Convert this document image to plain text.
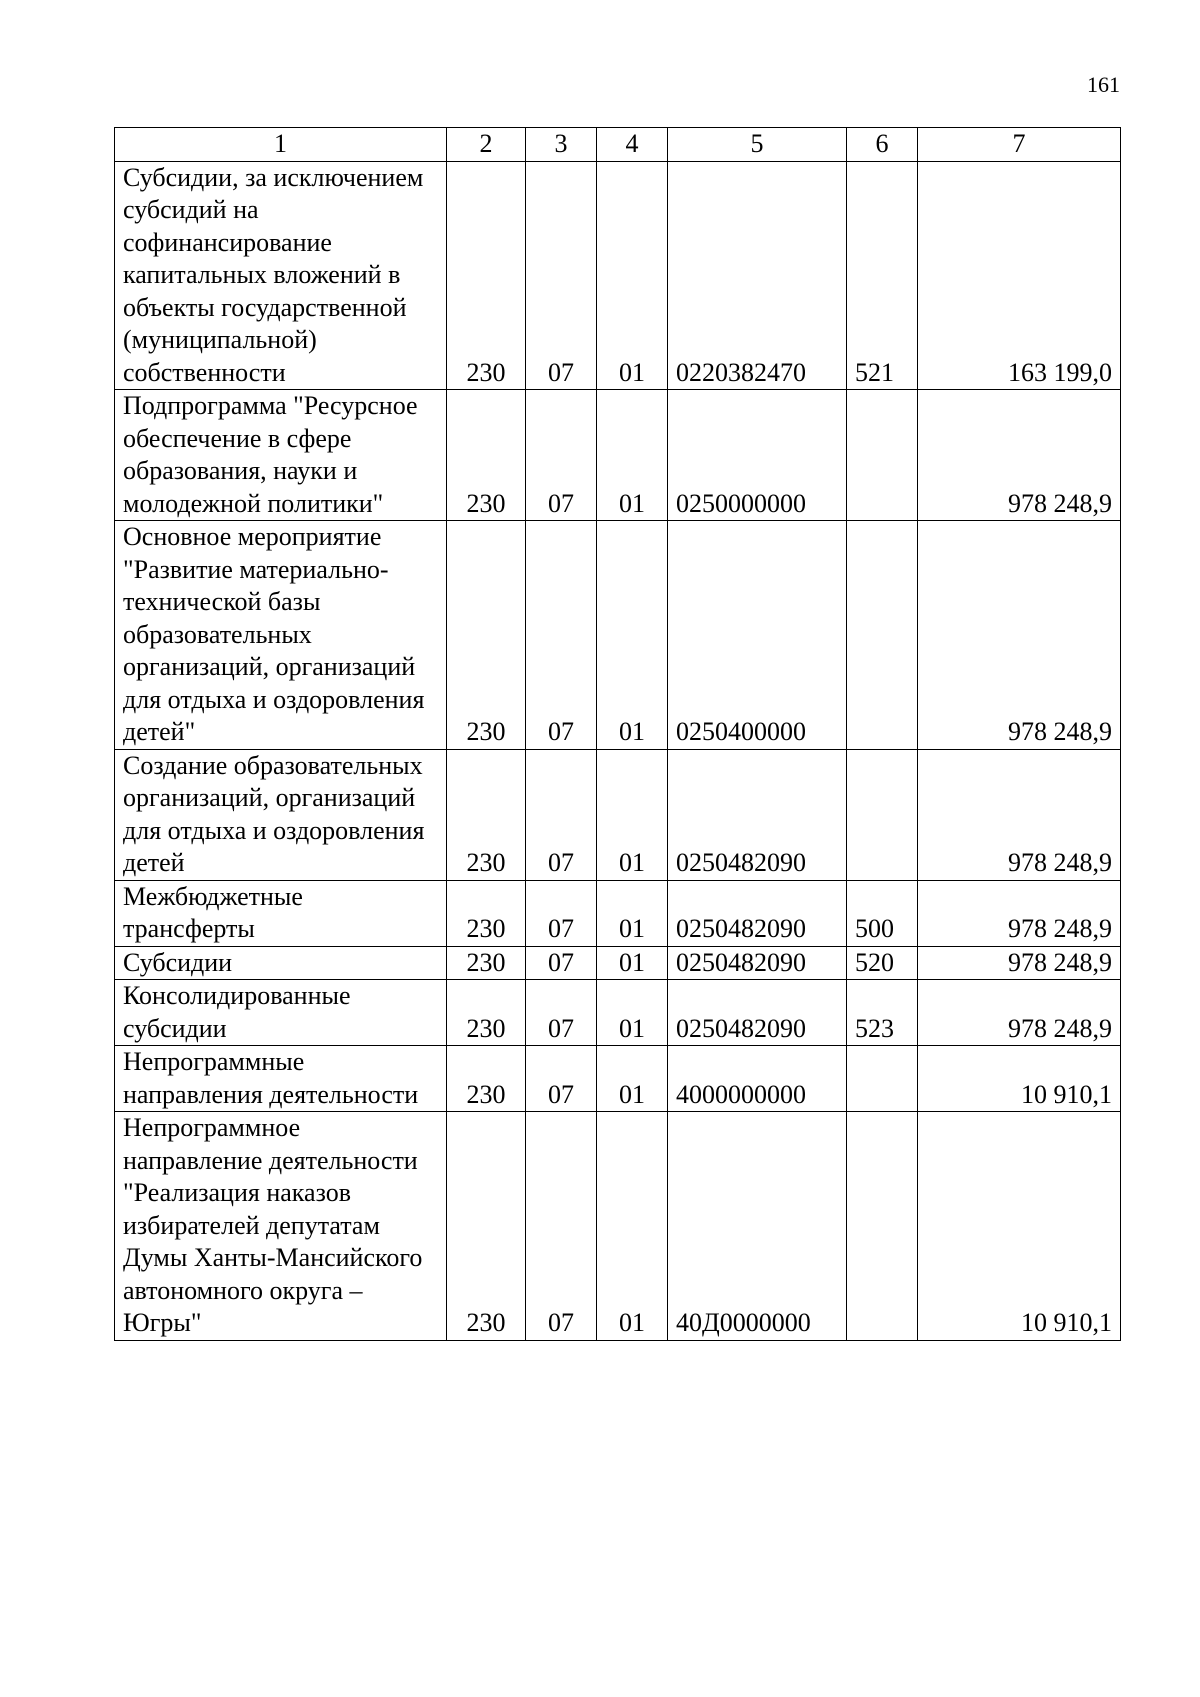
161
1	2	3	4	5	6	7
Субсидии, за исключением субсидий на софинансирование капитальных вложений в объекты государственной (муниципальной) собственности	230	07	01	0220382470	521	163 199,0
Подпрограмма "Ресурсное обеспечение в сфере образования, науки и молодежной политики"	230	07	01	0250000000		978 248,9
Основное мероприятие "Развитие материально-технической базы образовательных организаций, организаций для отдыха и оздоровления детей"	230	07	01	0250400000		978 248,9
Создание образовательных организаций, организаций для отдыха и оздоровления детей	230	07	01	0250482090		978 248,9
Межбюджетные трансферты	230	07	01	0250482090	500	978 248,9
Субсидии	230	07	01	0250482090	520	978 248,9
Консолидированные субсидии	230	07	01	0250482090	523	978 248,9
Непрограммные направления деятельности	230	07	01	4000000000		10 910,1
Непрограммное направление деятельности "Реализация наказов избирателей депутатам Думы Ханты-Мансийского автономного округа – Югры"	230	07	01	40Д0000000		10 910,1
